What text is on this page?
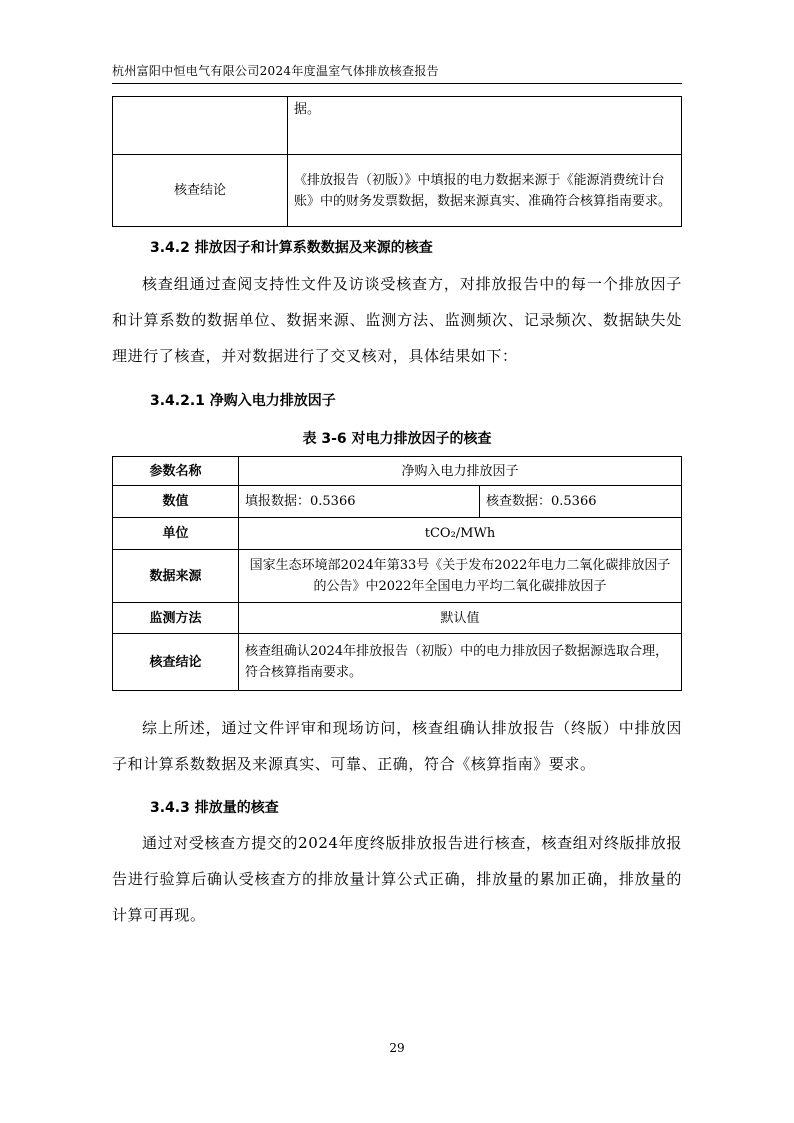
杭州富阳中恒电气有限公司2024年度温室气体排放核查报告
	据。
核查结论	《排放报告（初版）》中填报的电力数据来源于《能源消费统计台账》中的财务发票数据，数据来源真实、准确符合核算指南要求。
3.4.2 排放因子和计算系数数据及来源的核查
核查组通过查阅支持性文件及访谈受核查方，对排放报告中的每一个排放因子和计算系数的数据单位、数据来源、监测方法、监测频次、记录频次、数据缺失处理进行了核查，并对数据进行了交叉核对，具体结果如下：
3.4.2.1 净购入电力排放因子
表 3-6 对电力排放因子的核查
参数名称	净购入电力排放因子	
数值	填报数据：0.5366	核查数据：0.5366
单位	tCO₂/MWh	
数据来源	国家生态环境部2024年第33号《关于发布2022年电力二氧化碳排放因子的公告》中2022年全国电力平均二氧化碳排放因子	
监测方法	默认值	
核查结论	核查组确认2024年排放报告（初版）中的电力排放因子数据源选取合理，符合核算指南要求。	
综上所述，通过文件评审和现场访问，核查组确认排放报告（终版）中排放因子和计算系数数据及来源真实、可靠、正确，符合《核算指南》要求。
3.4.3 排放量的核查
通过对受核查方提交的2024年度终版排放报告进行核查，核查组对终版排放报告进行验算后确认受核查方的排放量计算公式正确，排放量的累加正确，排放量的计算可再现。
29
